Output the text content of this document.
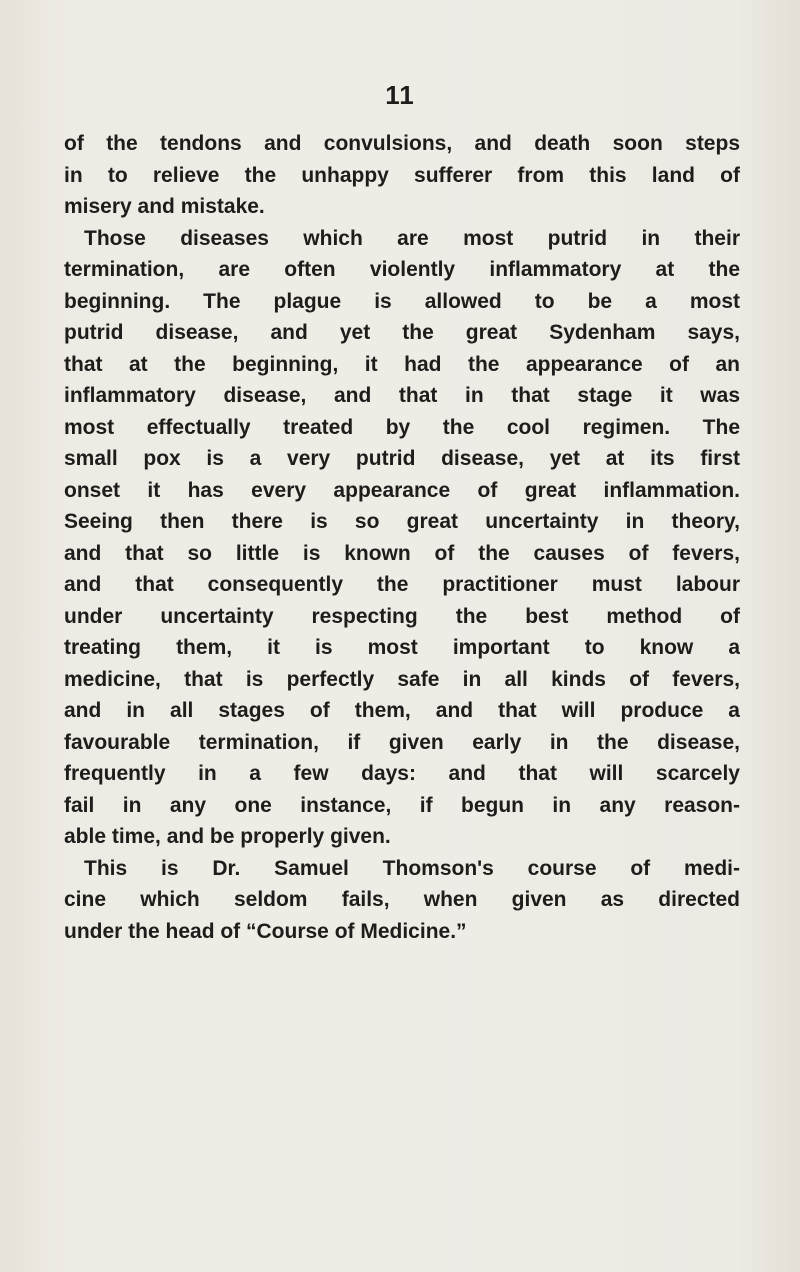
11
of the tendons and convulsions, and death soon steps
in to relieve the unhappy sufferer from this land of
misery and mistake.
Those diseases which are most putrid in their
termination, are often violently inflammatory at the
beginning. The plague is allowed to be a most
putrid disease, and yet the great Sydenham says,
that at the beginning, it had the appearance of an
inflammatory disease, and that in that stage it was
most effectually treated by the cool regimen. The
small pox is a very putrid disease, yet at its first
onset it has every appearance of great inflammation.
Seeing then there is so great uncertainty in theory,
and that so little is known of the causes of fevers,
and that consequently the practitioner must labour
under uncertainty respecting the best method of
treating them, it is most important to know a
medicine, that is perfectly safe in all kinds of fevers,
and in all stages of them, and that will produce a
favourable termination, if given early in the disease,
frequently in a few days: and that will scarcely
fail in any one instance, if begun in any reason-
able time, and be properly given.
This is Dr. Samuel Thomson's course of medi-
cine which seldom fails, when given as directed
under the head of “Course of Medicine.”
